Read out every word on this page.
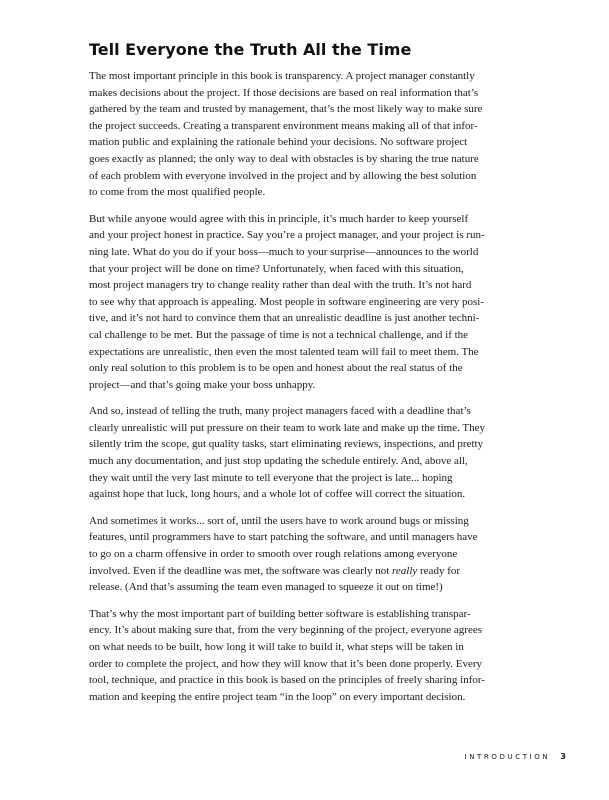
Tell Everyone the Truth All the Time

The most important principle in this book is transparency. A project manager constantly
makes decisions about the project. If those decisions are based on real information that’s
gathered by the team and trusted by management, that’s the most likely way to make sure
the project succeeds. Creating a transparent environment means making all of that infor-
mation public and explaining the rationale behind your decisions. No software project
goes exactly as planned; the only way to deal with obstacles is by sharing the true nature
of each problem with everyone involved in the project and by allowing the best solution
to come from the most qualified people.

But while anyone would agree with this in principle, it’s much harder to keep yourself
and your project honest in practice. Say you’re a project manager, and your project is run-
ning late. What do you do if your boss—much to your surprise—announces to the world
that your project will be done on time? Unfortunately, when faced with this situation,
most project managers try to change reality rather than deal with the truth. It’s not hard
to see why that approach is appealing. Most people in software engineering are very posi-
tive, and it’s not hard to convince them that an unrealistic deadline is just another techni-
cal challenge to be met. But the passage of time is not a technical challenge, and if the
expectations are unrealistic, then even the most talented team will fail to meet them. The
only real solution to this problem is to be open and honest about the real status of the
project—and that’s going make your boss unhappy.

And so, instead of telling the truth, many project managers faced with a deadline that’s
clearly unrealistic will put pressure on their team to work late and make up the time. They
silently trim the scope, gut quality tasks, start eliminating reviews, inspections, and pretty
much any documentation, and just stop updating the schedule entirely. And, above all,
they wait until the very last minute to tell everyone that the project is late... hoping
against hope that luck, long hours, and a whole lot of coffee will correct the situation.

And sometimes it works... sort of, until the users have to work around bugs or missing
features, until programmers have to start patching the software, and until managers have
to go on a charm offensive in order to smooth over rough relations among everyone
involved. Even if the deadline was met, the software was clearly not really ready for
release. (And that’s assuming the team even managed to squeeze it out on time!)

That’s why the most important part of building better software is establishing transpar-
ency. It’s about making sure that, from the very beginning of the project, everyone agrees
on what needs to be built, how long it will take to build it, what steps will be taken in
order to complete the project, and how they will know that it’s been done properly. Every
tool, technique, and practice in this book is based on the principles of freely sharing infor-
mation and keeping the entire project team “in the loop” on every important decision.

INTRODUCTION 3
